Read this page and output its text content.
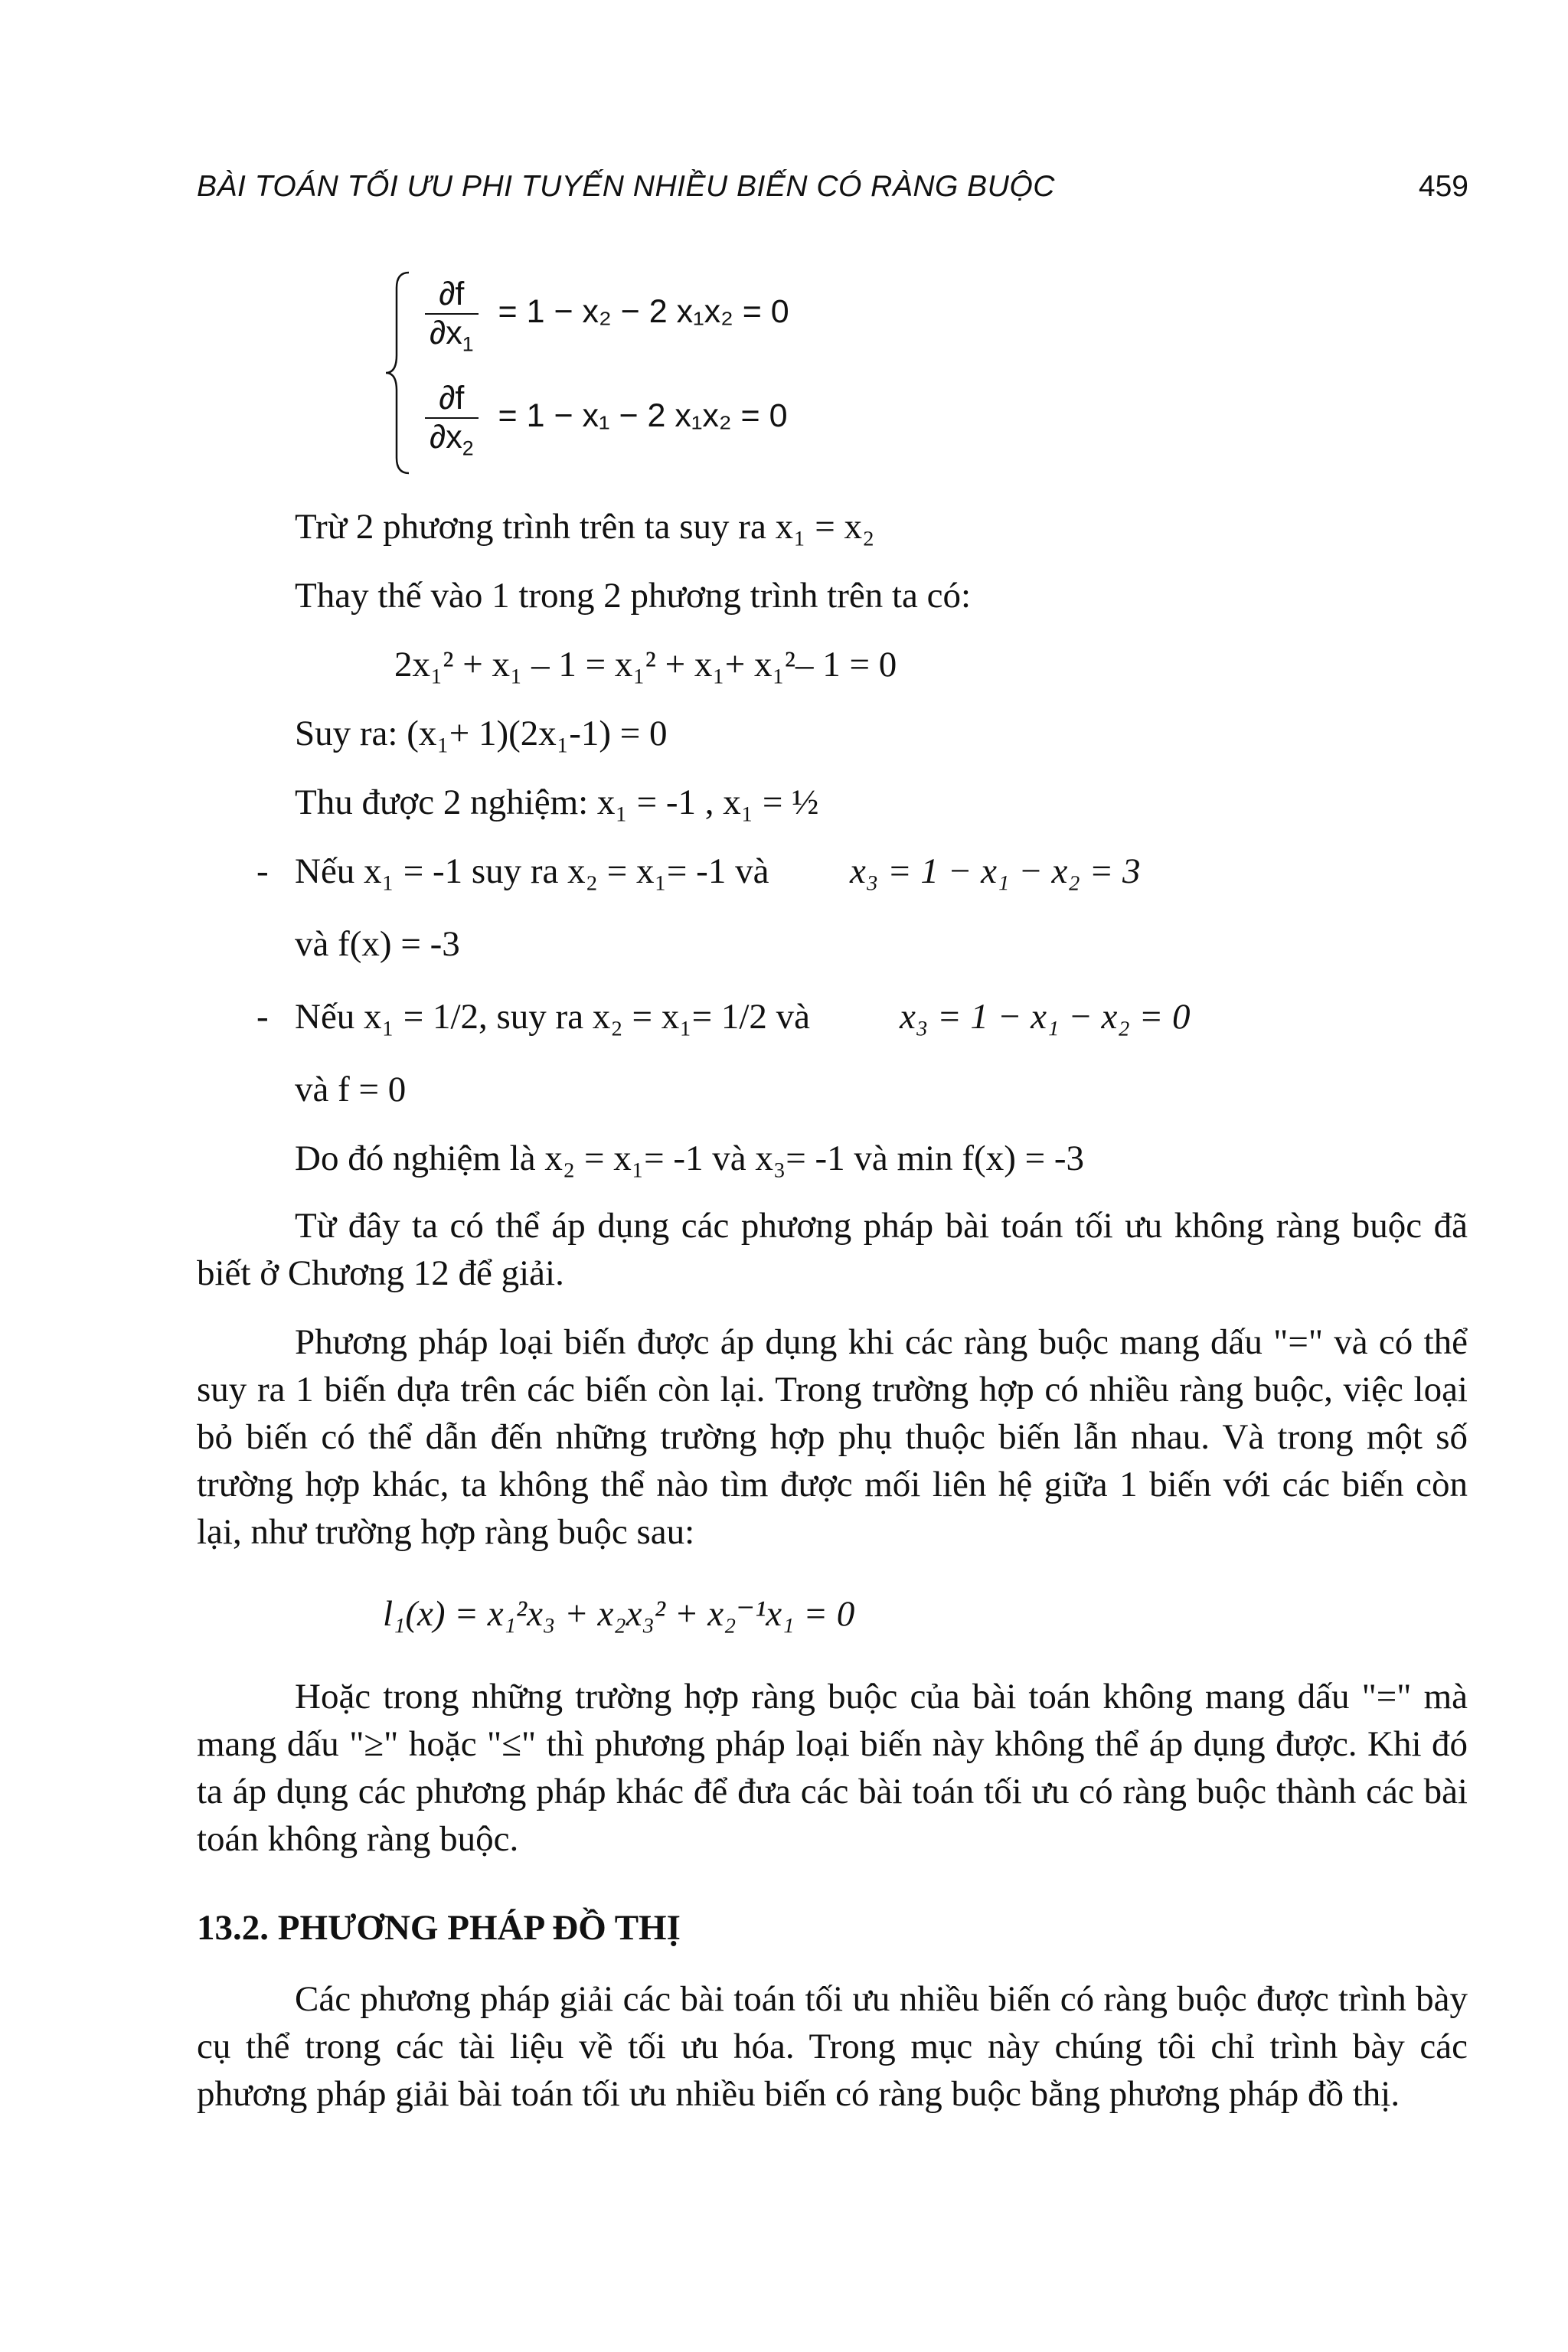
BÀI TOÁN TỐI ƯU PHI TUYẾN NHIỀU BIẾN CÓ RÀNG BUỘC	459
$\frac{\partial f}{\partial x_1} = 1 - x_2 - 2$ x₁x₂ = 0
$\frac{\partial f}{\partial x_2} = 1 - x_1 - 2$ x₁x₂ = 0
Trừ 2 phương trình trên ta suy ra x₁ = x₂
Thay thế vào 1 trong 2 phương trình trên ta có:
2x₁² + x₁ – 1 = x₁² + x₁+ x₁²– 1 = 0
Suy ra: (x₁+ 1)(2x₁-1) = 0
Thu được 2 nghiệm: x₁ = -1 , x₁ = ½
- Nếu x₁ = -1 suy ra x₂ = x₁= -1 và x₃ = 1 − x₁ − x₂ = 3
và f(x) = -3
- Nếu x₁ = 1/2, suy ra x₂ = x₁= 1/2 và x₃ = 1 − x₁ − x₂ = 0
và f = 0
Do đó nghiệm là x₂ = x₁= -1 và x₃= -1 và min f(x) = -3
Từ đây ta có thể áp dụng các phương pháp bài toán tối ưu không ràng buộc đã biết ở Chương 12 để giải.
Phương pháp loại biến được áp dụng khi các ràng buộc mang dấu "=" và có thể suy ra 1 biến dựa trên các biến còn lại. Trong trường hợp có nhiều ràng buộc, việc loại bỏ biến có thể dẫn đến những trường hợp phụ thuộc biến lẫn nhau. Và trong một số trường hợp khác, ta không thể nào tìm được mối liên hệ giữa 1 biến với các biến còn lại, như trường hợp ràng buộc sau:
l₁(x) = x₁²x₃ + x₂x₃² + x₂⁻¹x₁ = 0
Hoặc trong những trường hợp ràng buộc của bài toán không mang dấu "=" mà mang dấu "≥" hoặc "≤" thì phương pháp loại biến này không thể áp dụng được. Khi đó ta áp dụng các phương pháp khác để đưa các bài toán tối ưu có ràng buộc thành các bài toán không ràng buộc.
13.2. PHƯƠNG PHÁP ĐỒ THỊ
Các phương pháp giải các bài toán tối ưu nhiều biến có ràng buộc được trình bày cụ thể trong các tài liệu về tối ưu hóa. Trong mục này chúng tôi chỉ trình bày các phương pháp giải bài toán tối ưu nhiều biến có ràng buộc bằng phương pháp đồ thị.
